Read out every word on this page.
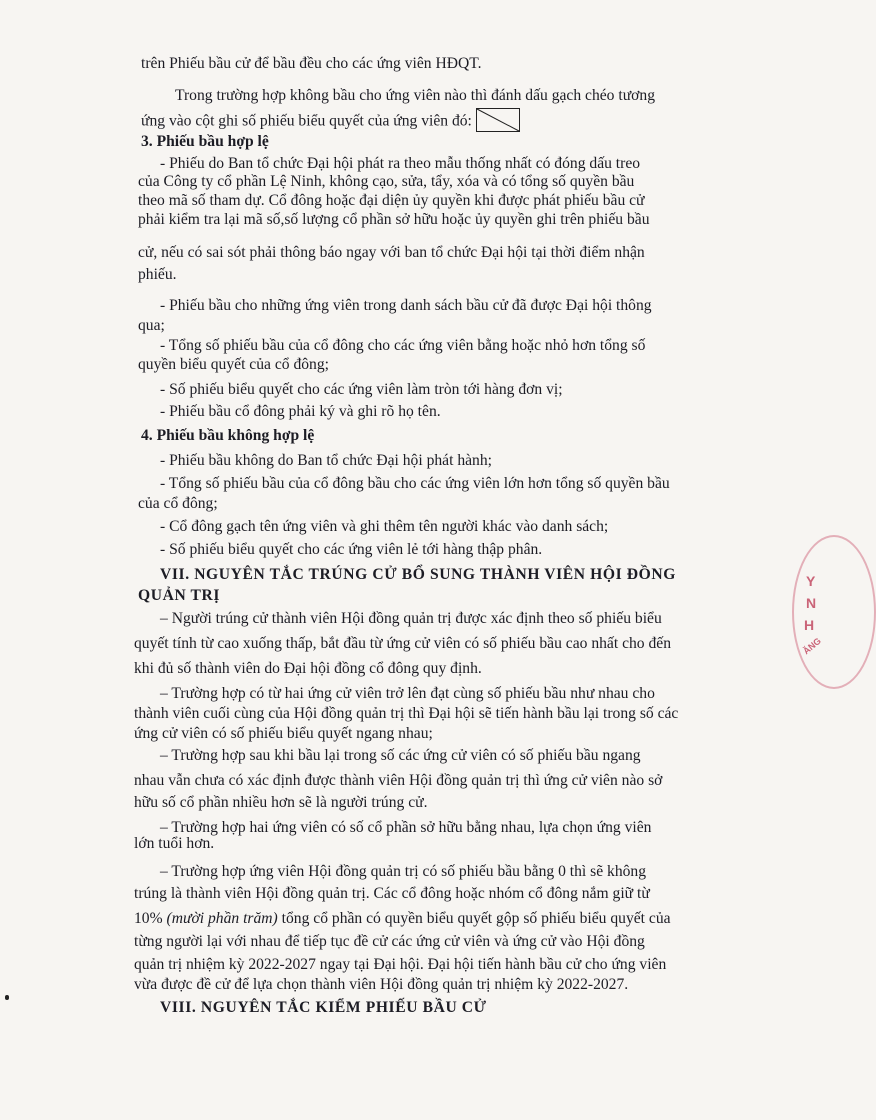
trên Phiếu bầu cử để bầu đều cho các ứng viên HĐQT.
Trong trường hợp không bầu cho ứng viên nào thì đánh dấu gạch chéo tương
ứng vào cột ghi số phiếu biểu quyết của ứng viên đó:
3. Phiếu bầu hợp lệ
- Phiếu do Ban tổ chức Đại hội phát ra theo mẫu thống nhất có đóng dấu treo
của Công ty cổ phần Lệ Ninh, không cạo, sửa, tẩy, xóa và có tổng số quyền bầu
theo mã số tham dự. Cổ đông hoặc đại diện ủy quyền khi được phát phiếu bầu cử
phải kiểm tra lại mã số,số lượng cổ phần sở hữu hoặc ủy quyền ghi trên phiếu bầu
cử, nếu có sai sót phải thông báo ngay với ban tổ chức Đại hội tại thời điểm nhận
phiếu.
- Phiếu bầu cho những ứng viên trong danh sách bầu cử đã được Đại hội thông
qua;
- Tổng số phiếu bầu của cổ đông cho các ứng viên bằng hoặc nhỏ hơn tổng số
quyền biểu quyết của cổ đông;
- Số phiếu biểu quyết cho các ứng viên làm tròn tới hàng đơn vị;
- Phiếu bầu cổ đông phải ký và ghi rõ họ tên.
4. Phiếu bầu không hợp lệ
- Phiếu bầu không do Ban tổ chức Đại hội phát hành;
- Tổng số phiếu bầu của cổ đông bầu cho các ứng viên lớn hơn tổng số quyền bầu
của cổ đông;
- Cổ đông gạch tên ứng viên và ghi thêm tên người khác vào danh sách;
- Số phiếu biểu quyết cho các ứng viên lẻ tới hàng thập phân.
VII. NGUYÊN TẮC TRÚNG CỬ BỔ SUNG THÀNH VIÊN HỘI ĐỒNG
QUẢN TRỊ
– Người trúng cử thành viên Hội đồng quản trị được xác định theo số phiếu biểu
quyết tính từ cao xuống thấp, bắt đầu từ ứng cử viên có số phiếu bầu cao nhất cho đến
khi đủ số thành viên do Đại hội đồng cổ đông quy định.
– Trường hợp có từ hai ứng cử viên trở lên đạt cùng số phiếu bầu như nhau cho
thành viên cuối cùng của Hội đồng quản trị thì Đại hội sẽ tiến hành bầu lại trong số các
ứng cử viên có số phiếu biểu quyết ngang nhau;
– Trường hợp sau khi bầu lại trong số các ứng cử viên có số phiếu bầu ngang
nhau vẫn chưa có xác định được thành viên Hội đồng quản trị thì ứng cử viên nào sở
hữu số cổ phần nhiều hơn sẽ là người trúng cử.
– Trường hợp hai ứng viên có số cổ phần sở hữu bằng nhau, lựa chọn ứng viên
lớn tuổi hơn.
– Trường hợp ứng viên Hội đồng quản trị có số phiếu bầu bằng 0 thì sẽ không
trúng là thành viên Hội đồng quản trị. Các cổ đông hoặc nhóm cổ đông nắm giữ từ
10% (mười phần trăm) tổng cổ phần có quyền biểu quyết gộp số phiếu biểu quyết của
từng người lại với nhau để tiếp tục đề cử các ứng cử viên và ứng cử vào Hội đồng
quản trị nhiệm kỳ 2022-2027 ngay tại Đại hội. Đại hội tiến hành bầu cử cho ứng viên
vừa được đề cử để lựa chọn thành viên Hội đồng quản trị nhiệm kỳ 2022-2027.
VIII. NGUYÊN TẮC KIỂM PHIẾU BẦU CỬ
Y
N
H
ĂNG
